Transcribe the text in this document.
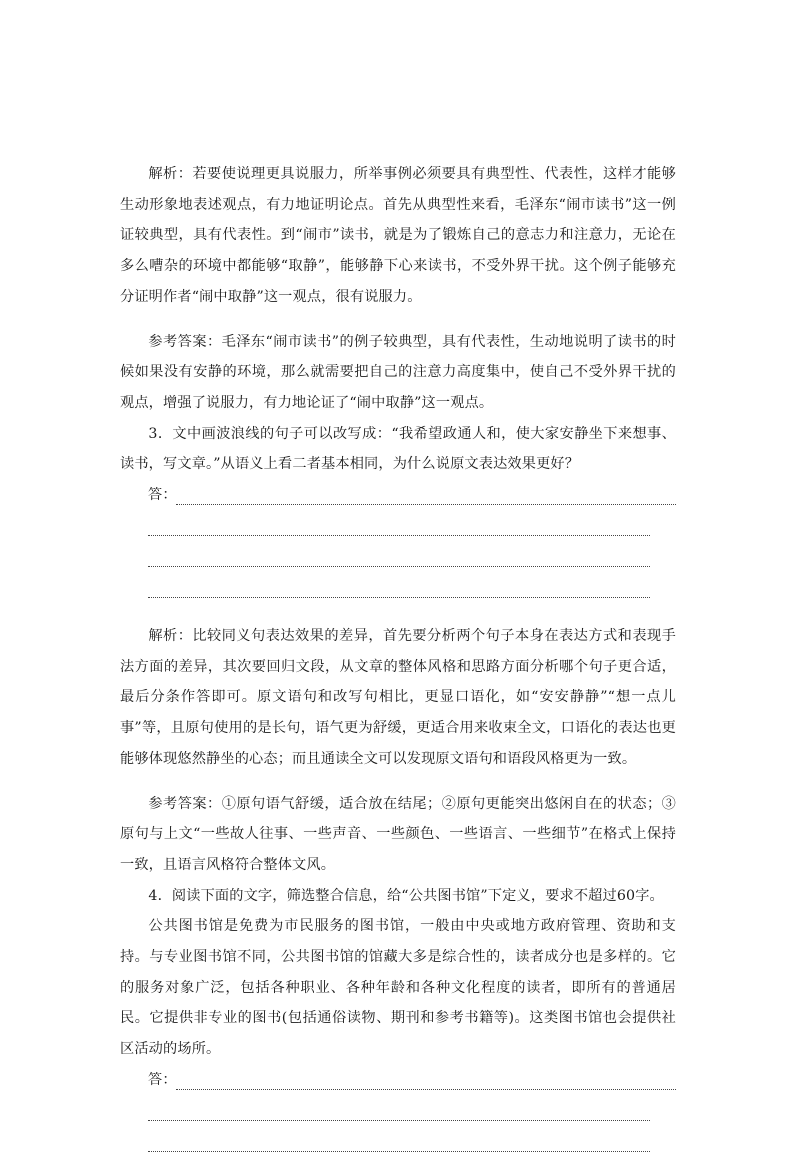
解析：若要使说理更具说服力，所举事例必须要具有典型性、代表性，这样才能够生动形象地表述观点，有力地证明论点。首先从典型性来看，毛泽东“闹市读书”这一例证较典型，具有代表性。到“闹市”读书，就是为了锻炼自己的意志力和注意力，无论在多么嘈杂的环境中都能够“取静”，能够静下心来读书，不受外界干扰。这个例子能够充分证明作者“闹中取静”这一观点，很有说服力。

参考答案：毛泽东“闹市读书”的例子较典型，具有代表性，生动地说明了读书的时候如果没有安静的环境，那么就需要把自己的注意力高度集中，使自己不受外界干扰的观点，增强了说服力，有力地论证了“闹中取静”这一观点。

3．文中画波浪线的句子可以改写成：“我希望政通人和，使大家安静坐下来想事、读书，写文章。”从语义上看二者基本相同，为什么说原文表达效果更好？

答：

解析：比较同义句表达效果的差异，首先要分析两个句子本身在表达方式和表现手法方面的差异，其次要回归文段，从文章的整体风格和思路方面分析哪个句子更合适，最后分条作答即可。原文语句和改写句相比，更显口语化，如“安安静静”“想一点儿事”等，且原句使用的是长句，语气更为舒缓，更适合用来收束全文，口语化的表达也更能够体现悠然静坐的心态；而且通读全文可以发现原文语句和语段风格更为一致。

参考答案：①原句语气舒缓，适合放在结尾；②原句更能突出悠闲自在的状态；③原句与上文“一些故人往事、一些声音、一些颜色、一些语言、一些细节”在格式上保持一致，且语言风格符合整体文风。

4．阅读下面的文字，筛选整合信息，给“公共图书馆”下定义，要求不超过60字。

公共图书馆是免费为市民服务的图书馆，一般由中央或地方政府管理、资助和支持。与专业图书馆不同，公共图书馆的馆藏大多是综合性的，读者成分也是多样的。它的服务对象广泛，包括各种职业、各种年龄和各种文化程度的读者，即所有的普通居民。它提供非专业的图书(包括通俗读物、期刊和参考书籍等)。这类图书馆也会提供社区活动的场所。

答：
